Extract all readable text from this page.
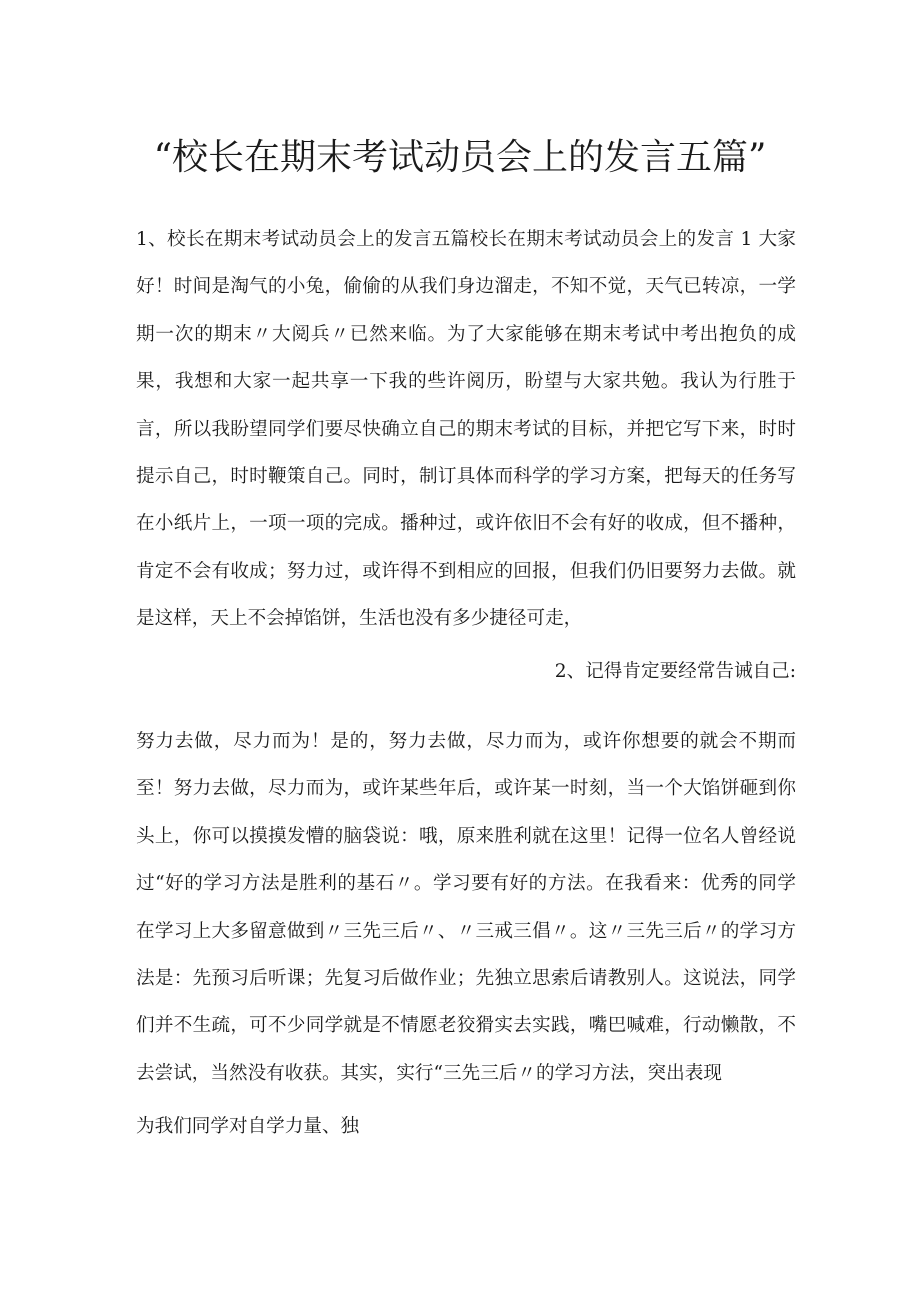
“校长在期末考试动员会上的发言五篇”

1、校长在期末考试动员会上的发言五篇校长在期末考试动员会上的发言 1 大家好！时间是淘气的小兔，偷偷的从我们身边溜走，不知不觉，天气已转凉，一学期一次的期末〃大阅兵〃已然来临。为了大家能够在期末考试中考出抱负的成果，我想和大家一起共享一下我的些许阅历，盼望与大家共勉。我认为行胜于言，所以我盼望同学们要尽快确立自己的期末考试的目标，并把它写下来，时时提示自己，时时鞭策自己。同时，制订具体而科学的学习方案，把每天的任务写在小纸片上，一项一项的完成。播种过，或许依旧不会有好的收成，但不播种，肯定不会有收成；努力过，或许得不到相应的回报，但我们仍旧要努力去做。就是这样，天上不会掉馅饼，生活也没有多少捷径可走，

2、记得肯定要经常告诫自己:

努力去做，尽力而为！是的，努力去做，尽力而为，或许你想要的就会不期而至！努力去做，尽力而为，或许某些年后，或许某一时刻，当一个大馅饼砸到你头上，你可以摸摸发懵的脑袋说：哦，原来胜利就在这里！记得一位名人曾经说过“好的学习方法是胜利的基石〃。学习要有好的方法。在我看来：优秀的同学在学习上大多留意做到〃三先三后〃、〃三戒三倡〃。这〃三先三后〃的学习方法是：先预习后听课；先复习后做作业；先独立思索后请教别人。这说法，同学们并不生疏，可不少同学就是不情愿老狡猾实去实践，嘴巴喊难，行动懒散，不去尝试，当然没有收获。其实，实行“三先三后〃的学习方法，突出表现

为我们同学对自学力量、独
